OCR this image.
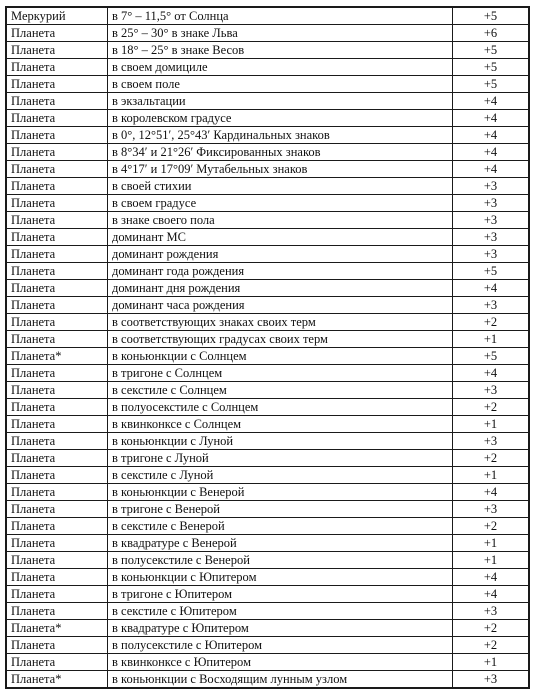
Меркурий	в 7° – 11,5° от Солнца	+5
Планета	в 25° – 30° в знаке Льва	+6
Планета	в 18° – 25° в знаке Весов	+5
Планета	в своем домициле	+5
Планета	в своем поле	+5
Планета	в экзальтации	+4
Планета	в королевском градусе	+4
Планета	в 0°, 12°51′, 25°43′ Кардинальных знаков	+4
Планета	в 8°34′ и 21°26′ Фиксированных знаков	+4
Планета	в 4°17′ и 17°09′ Мутабельных знаков	+4
Планета	в своей стихии	+3
Планета	в своем градусе	+3
Планета	в знаке своего пола	+3
Планета	доминант МС	+3
Планета	доминант рождения	+3
Планета	доминант года рождения	+5
Планета	доминант дня рождения	+4
Планета	доминант часа рождения	+3
Планета	в соответствующих знаках своих терм	+2
Планета	в соответствующих градусах своих терм	+1
Планета*	в коньюнкции с Солнцем	+5
Планета	в тригоне с Солнцем	+4
Планета	в секстиле с Солнцем	+3
Планета	в полуосекстиле с Солнцем	+2
Планета	в квинконксе с Солнцем	+1
Планета	в коньюнкции с Луной	+3
Планета	в тригоне с Луной	+2
Планета	в секстиле с Луной	+1
Планета	в коньюнкции с Венерой	+4
Планета	в тригоне с Венерой	+3
Планета	в секстиле с Венерой	+2
Планета	в квадратуре с Венерой	+1
Планета	в полусекстиле с Венерой	+1
Планета	в коньюнкции с Юпитером	+4
Планета	в тригоне с Юпитером	+4
Планета	в секстиле с Юпитером	+3
Планета*	в квадратуре с Юпитером	+2
Планета	в полусекстиле с Юпитером	+2
Планета	в квинконксе с Юпитером	+1
Планета*	в коньюнкции с Восходящим лунным узлом	+3
